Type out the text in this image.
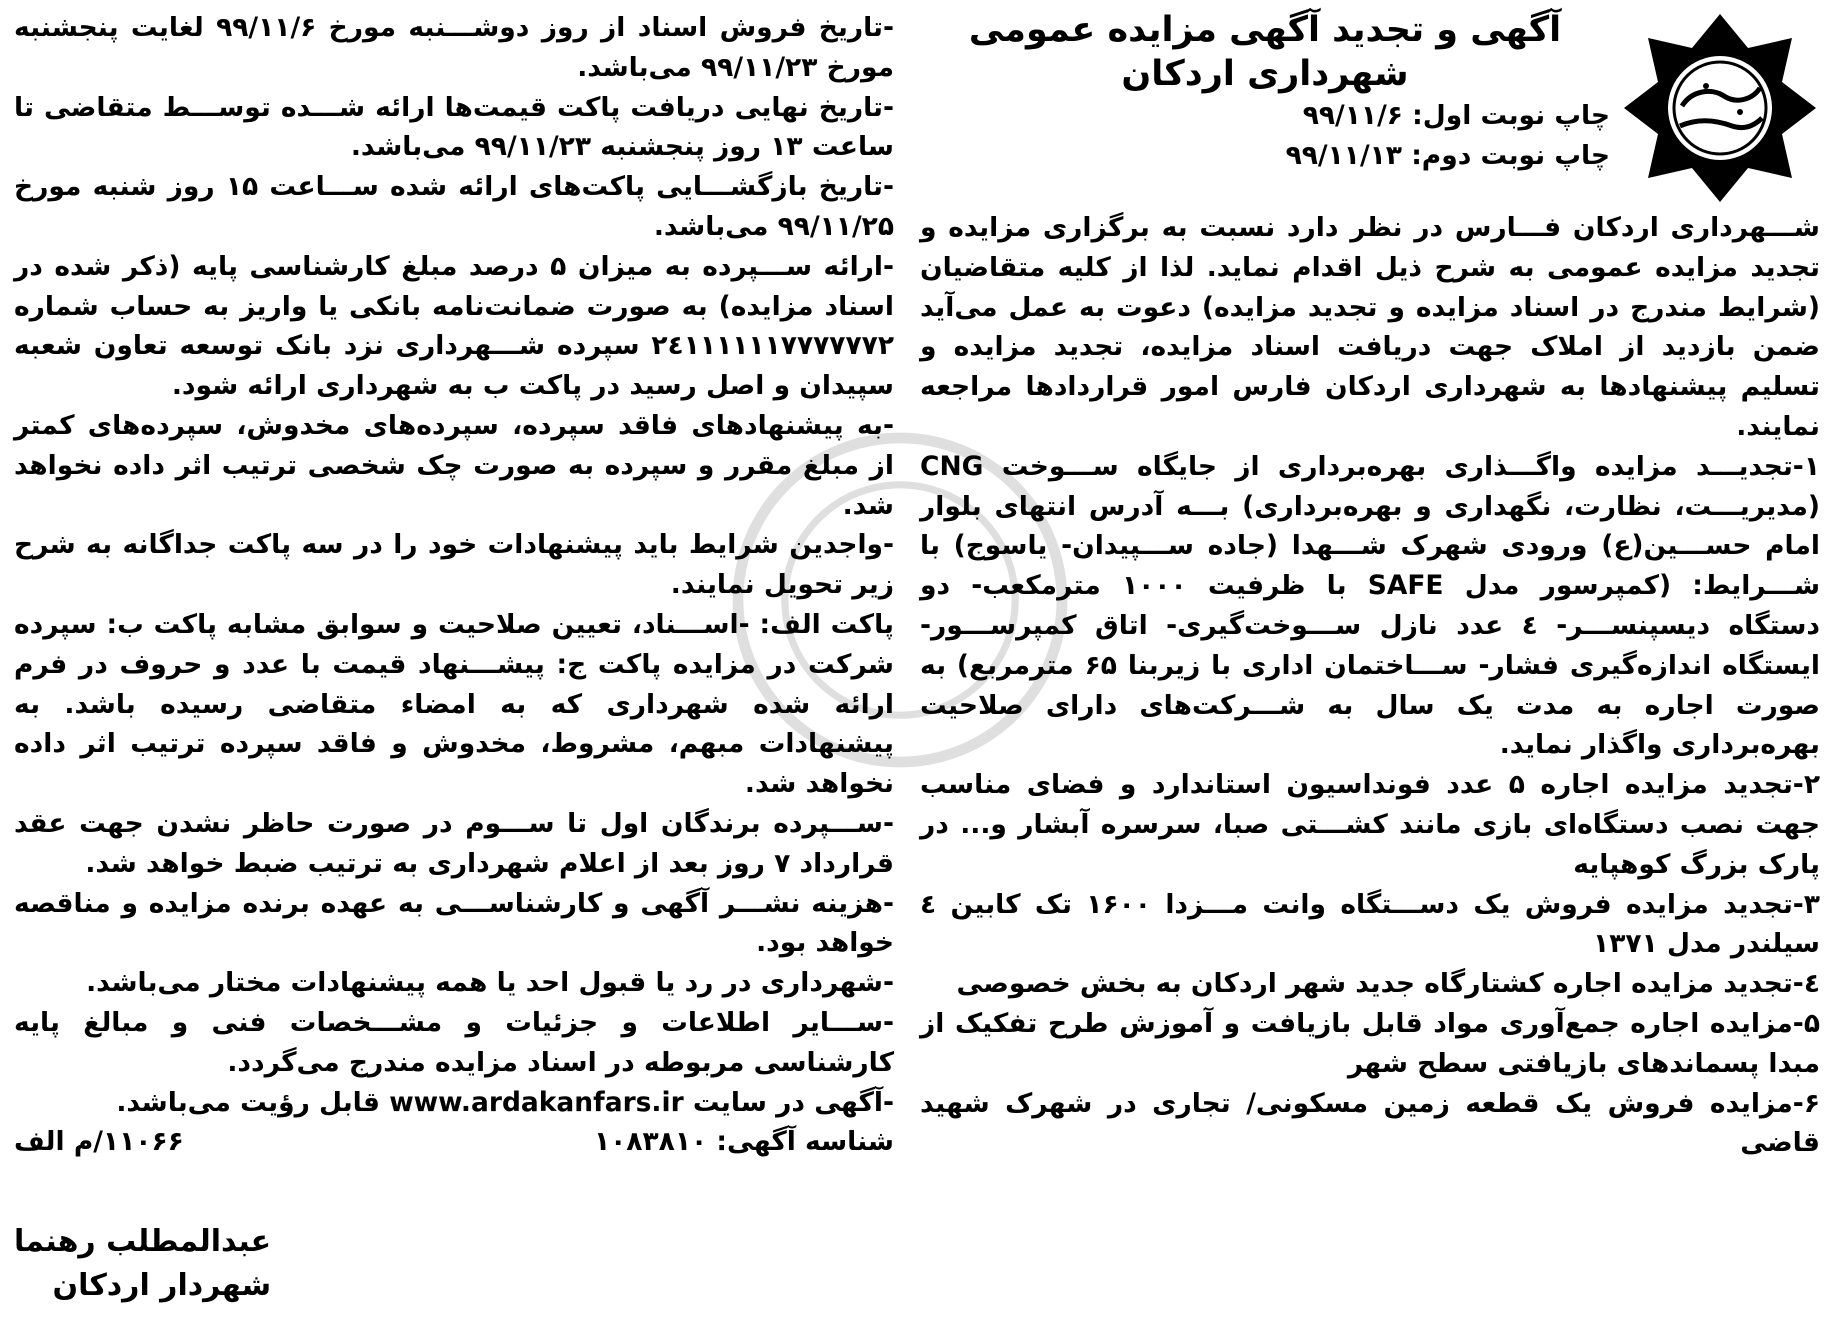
آگهی و تجدید آگهی مزایده عمومی
شهرداری اردکان
چاپ نوبت اول: ۹۹/۱۱/۶
چاپ نوبت دوم: ۹۹/۱۱/۱۳

شـــهرداری اردکان فـــارس در نظر دارد نسبت به برگزاری مزایده و تجدید مزایده عمومی به شرح ذیل اقدام نماید. لذا از کلیه متقاضیان (شرایط مندرج در اسناد مزایده و تجدید مزایده) دعوت به عمل می‌آید ضمن بازدید از املاک جهت دریافت اسناد مزایده، تجدید مزایده و تسلیم پیشنهادها به شهرداری اردکان فارس امور قراردادها مراجعه نمایند.

۱-تجدیـــد مزایده واگـــذاری بهره‌برداری از جایگاه ســـوخت CNG (مدیریـــت، نظارت، نگهداری و بهره‌برداری) بـــه آدرس انتهای بلوار امام حســـین(ع) ورودی شهرک شـــهدا (جاده ســـپیدان- یاسوج) با شـــرایط: (کمپرسور مدل SAFE با ظرفیت ۱۰۰۰ مترمکعب- دو دستگاه دیسپنســـر- ٤ عدد نازل ســـوخت‌گیری- اتاق کمپرســـور- ایستگاه اندازه‌گیری فشار- ســـاختمان اداری با زیربنا ۶۵ مترمربع) به صورت اجاره به مدت یک سال به شـــرکت‌های دارای صلاحیت بهره‌برداری واگذار نماید.

۲-تجدید مزایده اجاره ۵ عدد فونداسیون استاندارد و فضای مناسب جهت نصب دستگاه‌ای بازی مانند کشـــتی صبا، سرسره آبشار و... در پارک بزرگ کوهپایه

۳-تجدید مزایده فروش یک دســـتگاه وانت مـــزدا ۱۶۰۰ تک کابین ٤ سیلندر مدل ۱۳۷۱

٤-تجدید مزایده اجاره کشتارگاه جدید شهر اردکان به بخش خصوصی

۵-مزایده اجاره جمع‌آوری مواد قابل بازیافت و آموزش طرح تفکیک از مبدا پسماندهای بازیافتی سطح شهر

۶-مزایده فروش یک قطعه زمین مسکونی/ تجاری در شهرک شهید قاضی

-تاریخ فروش اسناد از روز دوشـــنبه مورخ ۹۹/۱۱/۶ لغایت پنجشنبه مورخ ۹۹/۱۱/۲۳ می‌باشد.

-تاریخ نهایی دریافت پاکت قیمت‌ها ارائه شـــده توســـط متقاضی تا ساعت ۱۳ روز پنجشنبه ۹۹/۱۱/۲۳ می‌باشد.

-تاریخ بازگشـــایی پاکت‌های ارائه شده ســـاعت ۱۵ روز شنبه مورخ ۹۹/۱۱/۲۵ می‌باشد.

-ارائه ســـپرده به میزان ۵ درصد مبلغ کارشناسی پایه (ذکر شده در اسناد مزایده) به صورت ضمانت‌نامه بانکی یا واریز به حساب شماره ۲٤۱۱۱۱۱۱۷۷۷۷۷۷۲ سپرده شـــهرداری نزد بانک توسعه تعاون شعبه سپیدان و اصل رسید در پاکت ب به شهرداری ارائه شود.

-به پیشنهادهای فاقد سپرده، سپرده‌های مخدوش، سپرده‌های کمتر از مبلغ مقرر و سپرده به صورت چک شخصی ترتیب اثر داده نخواهد شد.

-واجدین شرایط باید پیشنهادات خود را در سه پاکت جداگانه به شرح زیر تحویل نمایند.

پاکت الف: -اســـناد، تعیین صلاحیت و سوابق مشابه پاکت ب: سپرده شرکت در مزایده پاکت ج: پیشـــنهاد قیمت با عدد و حروف در فرم ارائه شده شهرداری که به امضاء متقاضی رسیده باشد. به پیشنهادات مبهم، مشروط، مخدوش و فاقد سپرده ترتیب اثر داده نخواهد شد.

-ســـپرده برندگان اول تا ســـوم در صورت حاظر نشدن جهت عقد قرارداد ۷ روز بعد از اعلام شهرداری به ترتیب ضبط خواهد شد.

-هزینه نشـــر آگهی و کارشناســـی به عهده برنده مزایده و مناقصه خواهد بود.

-شهرداری در رد یا قبول احد یا همه پیشنهادات مختار می‌باشد.

-ســـایر اطلاعات و جزئیات و مشـــخصات فنی و مبالغ پایه کارشناسی مربوطه در اسناد مزایده مندرج می‌گردد.

-آگهی در سایت www.ardakanfars.ir قابل رؤیت می‌باشد.

شناسه آگهی: ۱۰۸۳۸۱۰
۱۱۰۶۶/م الف
عبدالمطلب رهنما
شهردار اردکان
